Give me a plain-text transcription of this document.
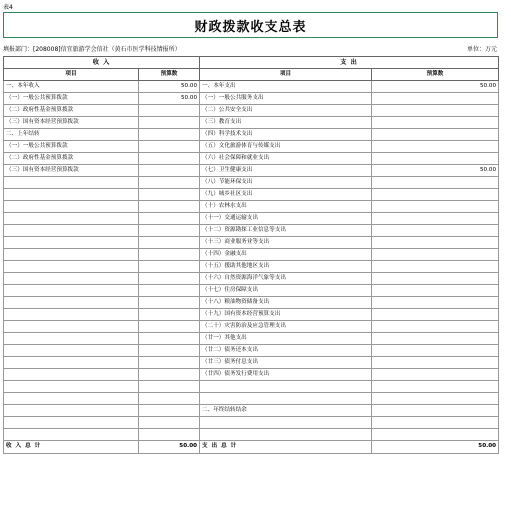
表4
财政拨款收支总表
填报部门：[208008]信宜旅游学会信社（黄石市医学科技情报所）	单位：万元
收 入		支 出	
项目	预算数	项目	预算数
一、本年收入	50.00	一、本年支出	50.00
（一）一般公共预算拨款	50.00	（一）一般公共服务支出	
（二）政府性基金预算拨款		（二）公共安全支出	
（三）国有资本经营预算拨款		（三）教育支出	
二、上年结转		（四）科学技术支出	
（一）一般公共预算拨款		（五）文化旅游体育与传媒支出	
（二）政府性基金预算拨款		（六）社会保障和就业支出	
（三）国有资本经营预算拨款		（七）卫生健康支出	50.00
		（八）节能环保支出	
		（九）城乡社区支出	
		（十）农林水支出	
		（十一）交通运输支出	
		（十二）资源勘探工业信息等支出	
		（十三）商业服务业等支出	
		（十四）金融支出	
		（十五）援助其他地区支出	
		（十六）自然资源海洋气象等支出	
		（十七）住房保障支出	
		（十八）粮油物资储备支出	
		（十九）国有资本经营预算支出	
		（二十）灾害防治及应急管理支出	
		（廿一）其他支出	
		（廿二）债务还本支出	
		（廿三）债务付息支出	
		（廿四）债务发行费用支出	

		二、年终结转结余	

收 入 总 计	50.00	支 出 总 计	50.00
